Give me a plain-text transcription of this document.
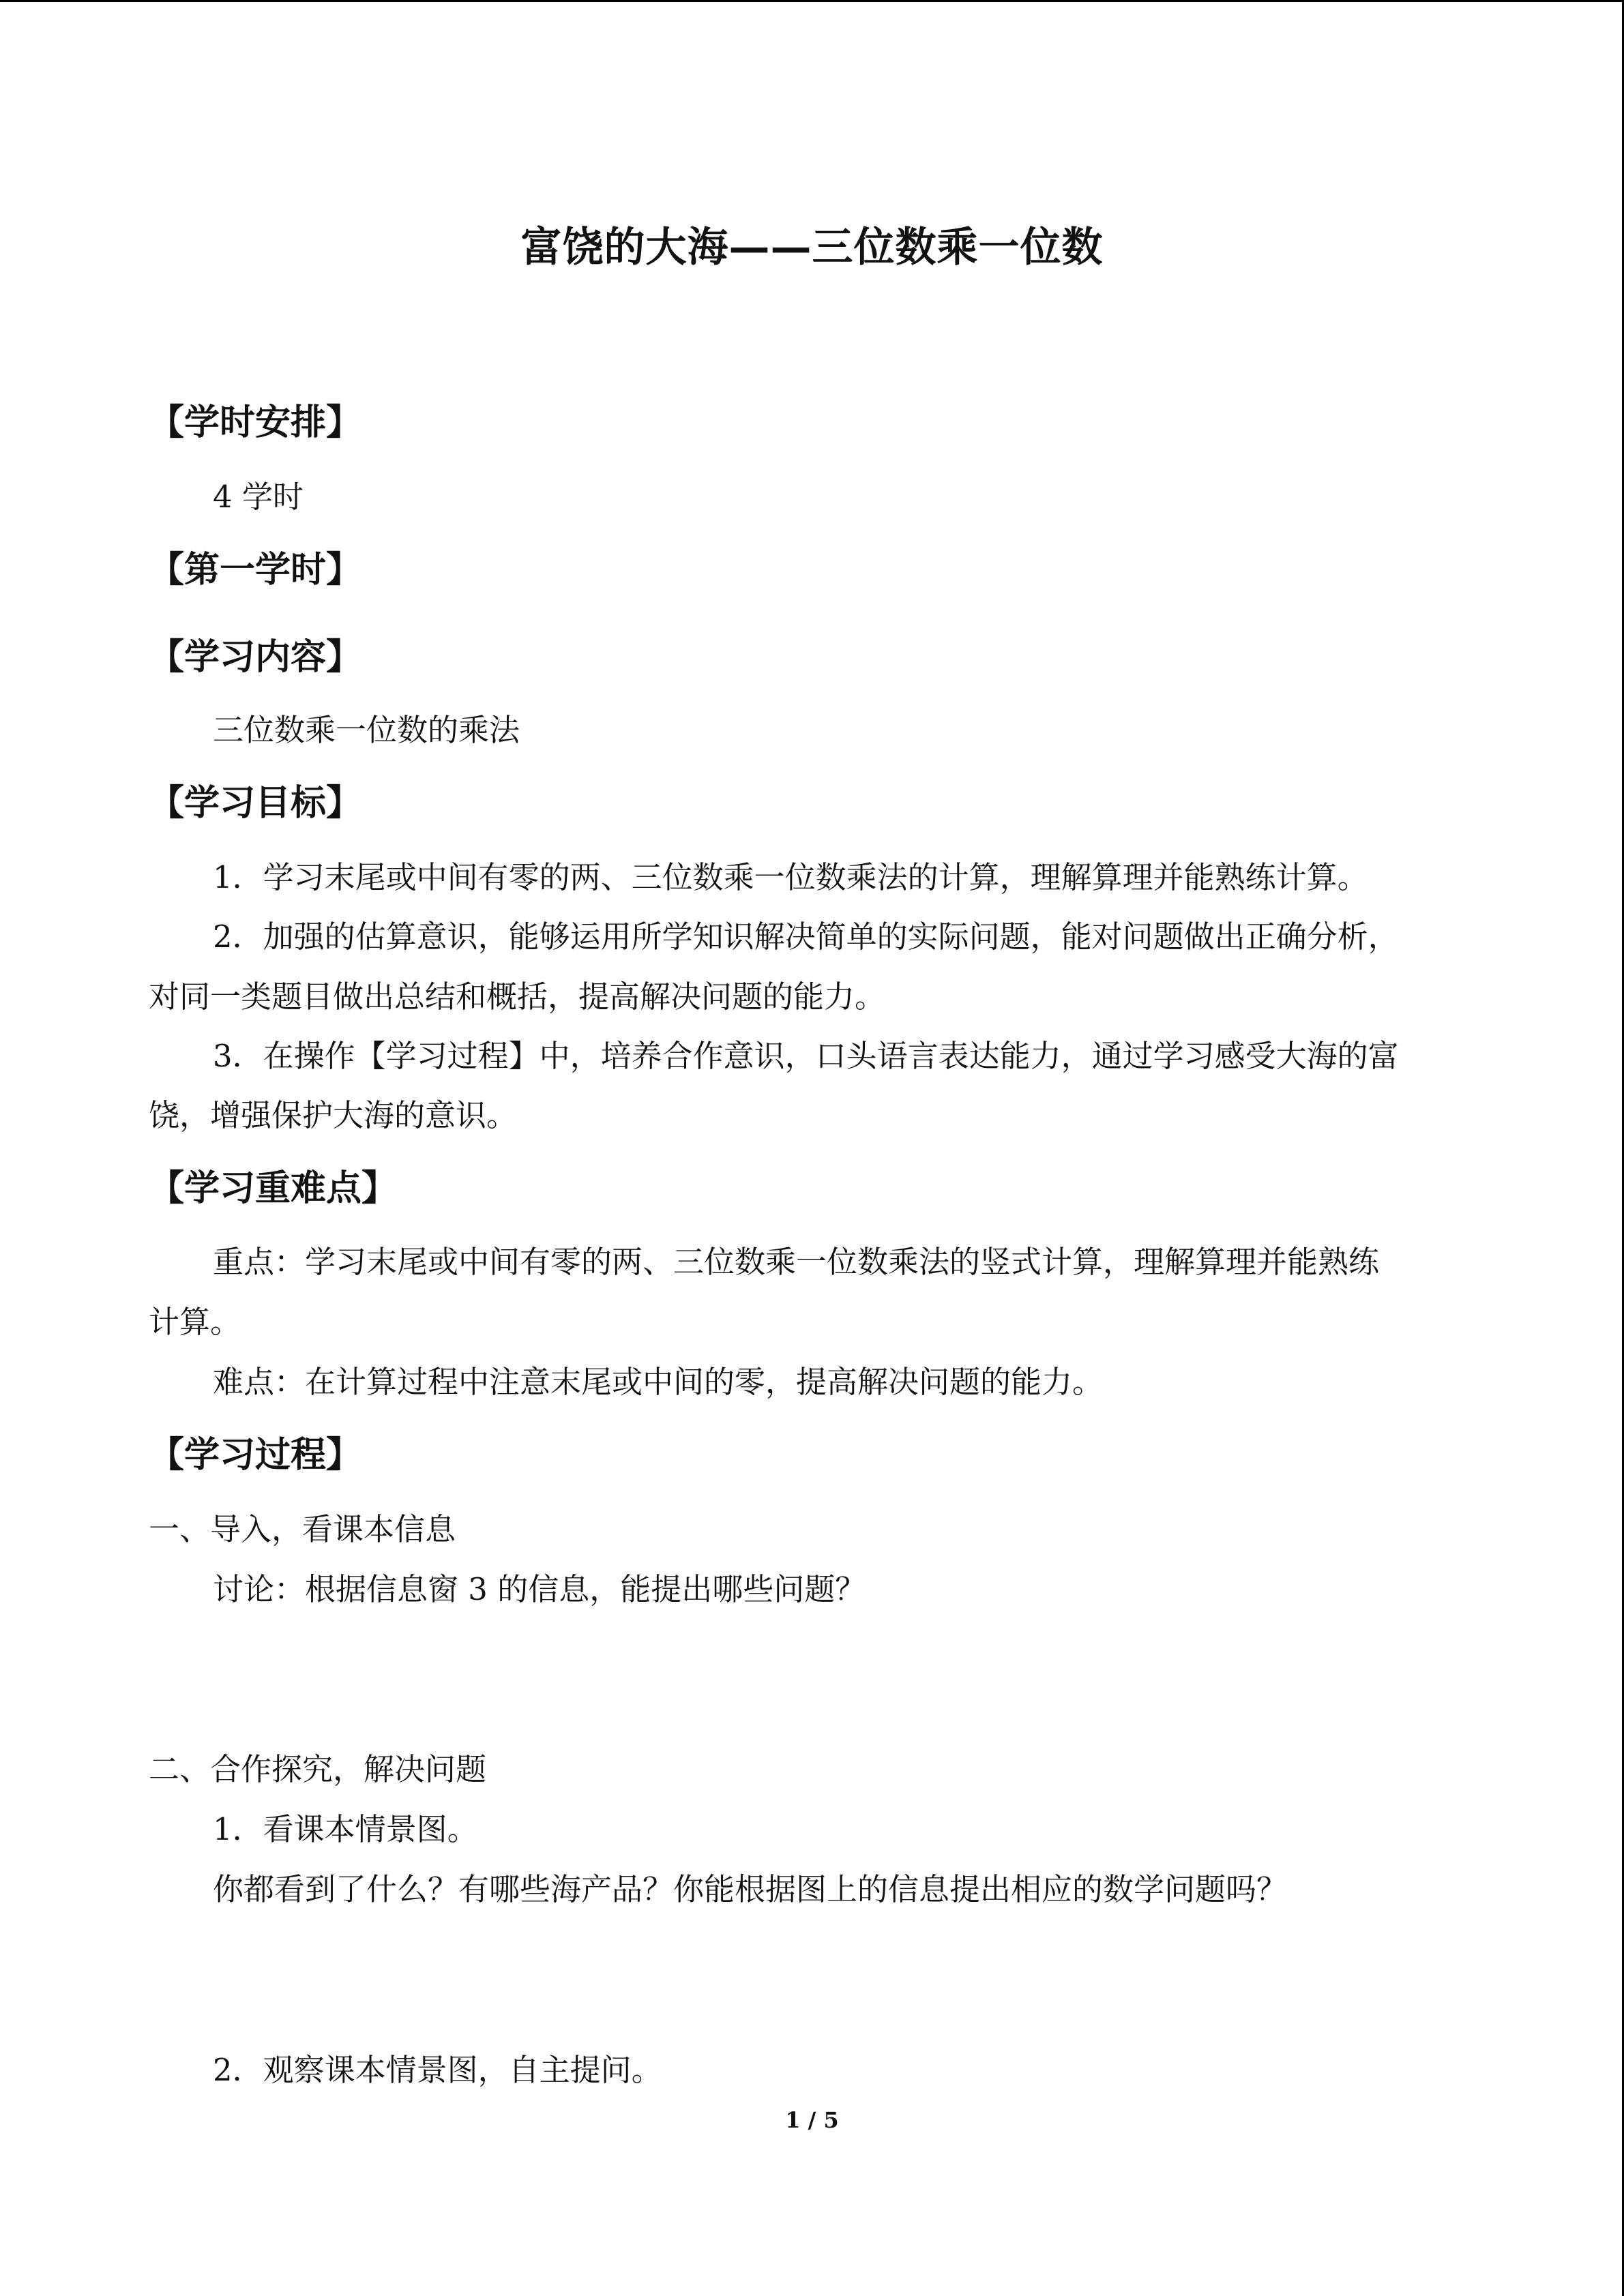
富饶的大海——三位数乘一位数
【学时安排】
4 学时
【第一学时】
【学习内容】
三位数乘一位数的乘法
【学习目标】
1．学习末尾或中间有零的两、三位数乘一位数乘法的计算，理解算理并能熟练计算。
2．加强的估算意识，能够运用所学知识解决简单的实际问题，能对问题做出正确分析，
对同一类题目做出总结和概括，提高解决问题的能力。
3．在操作【学习过程】中，培养合作意识，口头语言表达能力，通过学习感受大海的富
饶，增强保护大海的意识。
【学习重难点】
重点：学习末尾或中间有零的两、三位数乘一位数乘法的竖式计算，理解算理并能熟练
计算。
难点：在计算过程中注意末尾或中间的零，提高解决问题的能力。
【学习过程】
一、导入，看课本信息
讨论：根据信息窗 3 的信息，能提出哪些问题？
二、合作探究，解决问题
1．看课本情景图。
你都看到了什么？有哪些海产品？你能根据图上的信息提出相应的数学问题吗？
2．观察课本情景图，自主提问。
1 / 5
